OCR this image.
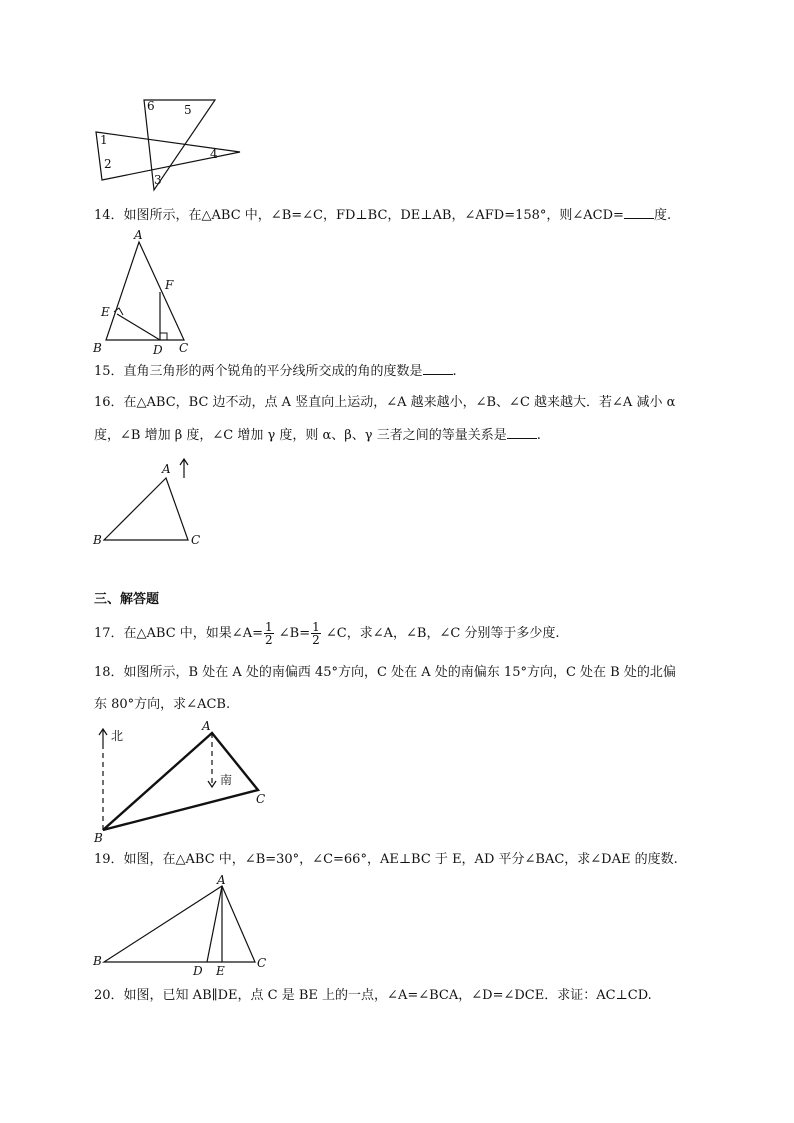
1
2
3
4
5
6
14．如图所示，在△ABC 中，∠B=∠C，FD⊥BC，DE⊥AB，∠AFD=158°，则∠ACD= 度.
A
B	C
D
E
F
15．直角三角形的两个锐角的平分线所交成的角的度数是 .
16．在△ABC，BC 边不动，点 A 竖直向上运动，∠A 越来越小，∠B、∠C 越来越大．若∠A 减小 α
度，∠B 增加 β 度，∠C 增加 γ 度，则 α、β、γ 三者之间的等量关系是 .
A
B	C
三、解答题
17．在△ABC 中，如果∠A= $\frac{1}{2}$ ∠B= $\frac{1}{2}$ ∠C，求∠A，∠B，∠C 分别等于多少度.
18．如图所示，B 处在 A 处的南偏西 45°方向，C 处在 A 处的南偏东 15°方向，C 处在 B 处的北偏
东 80°方向，求∠ACB.
北
南
A
B
C
19．如图，在△ABC 中，∠B=30°，∠C=66°，AE⊥BC 于 E，AD 平分∠BAC，求∠DAE 的度数.
A
B	C
D E
20．如图，已知 AB∥DE，点 C 是 BE 上的一点，∠A=∠BCA，∠D=∠DCE．求证：AC⊥CD.
